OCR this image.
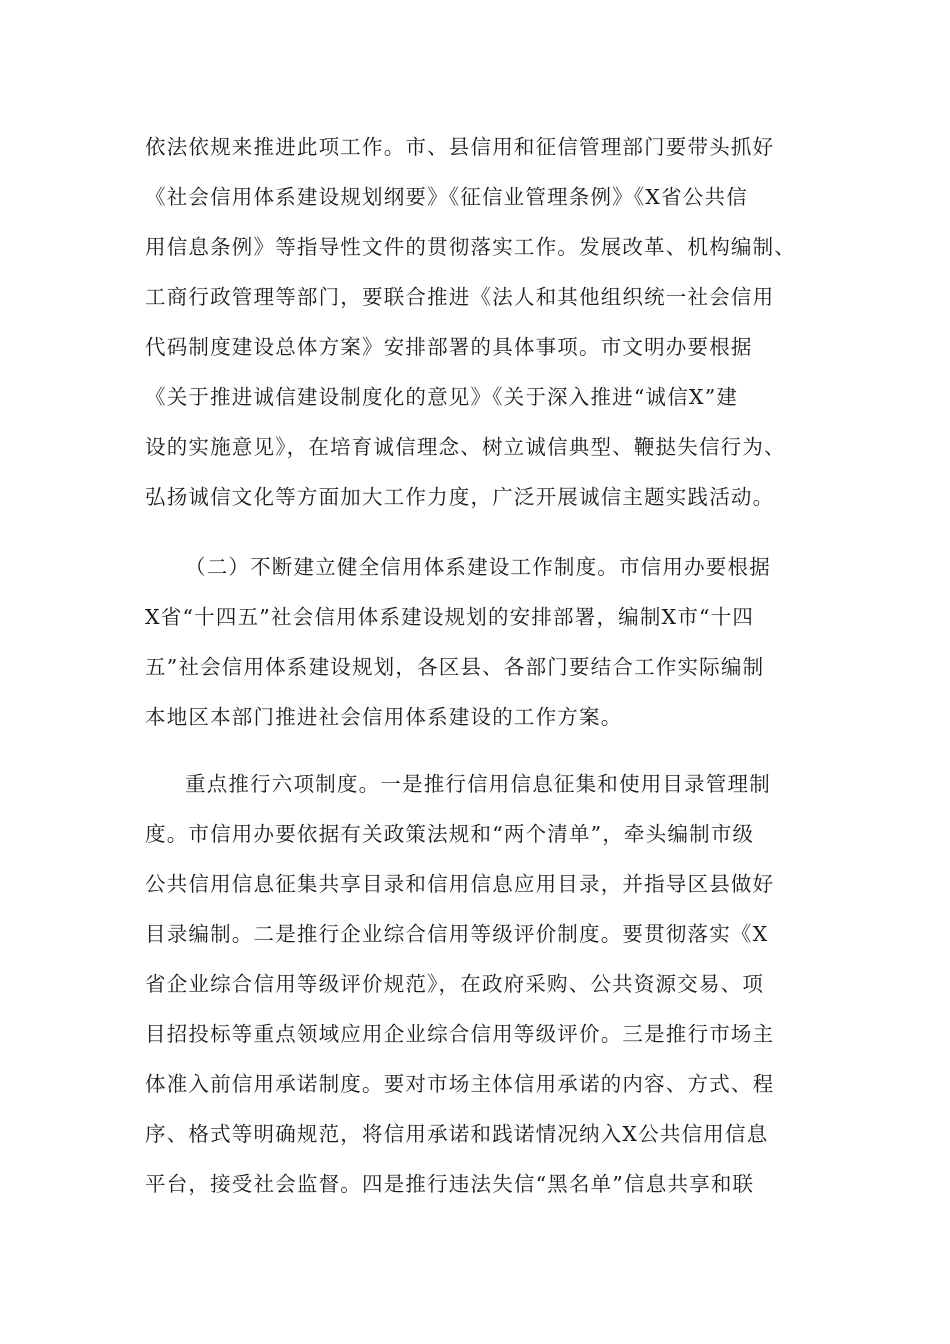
依法依规来推进此项工作。市、县信用和征信管理部门要带头抓好
《社会信用体系建设规划纲要》《征信业管理条例》《X省公共信
用信息条例》等指导性文件的贯彻落实工作。发展改革、机构编制、
工商行政管理等部门，要联合推进《法人和其他组织统一社会信用
代码制度建设总体方案》安排部署的具体事项。市文明办要根据
《关于推进诚信建设制度化的意见》《关于深入推进“诚信X”建
设的实施意见》，在培育诚信理念、树立诚信典型、鞭挞失信行为、
弘扬诚信文化等方面加大工作力度，广泛开展诚信主题实践活动。
（二）不断建立健全信用体系建设工作制度。市信用办要根据
X省“十四五”社会信用体系建设规划的安排部署，编制X市“十四
五”社会信用体系建设规划，各区县、各部门要结合工作实际编制
本地区本部门推进社会信用体系建设的工作方案。
重点推行六项制度。一是推行信用信息征集和使用目录管理制
度。市信用办要依据有关政策法规和“两个清单”，牵头编制市级
公共信用信息征集共享目录和信用信息应用目录，并指导区县做好
目录编制。二是推行企业综合信用等级评价制度。要贯彻落实《X
省企业综合信用等级评价规范》，在政府采购、公共资源交易、项
目招投标等重点领域应用企业综合信用等级评价。三是推行市场主
体准入前信用承诺制度。要对市场主体信用承诺的内容、方式、程
序、格式等明确规范，将信用承诺和践诺情况纳入X公共信用信息
平台，接受社会监督。四是推行违法失信“黑名单”信息共享和联
